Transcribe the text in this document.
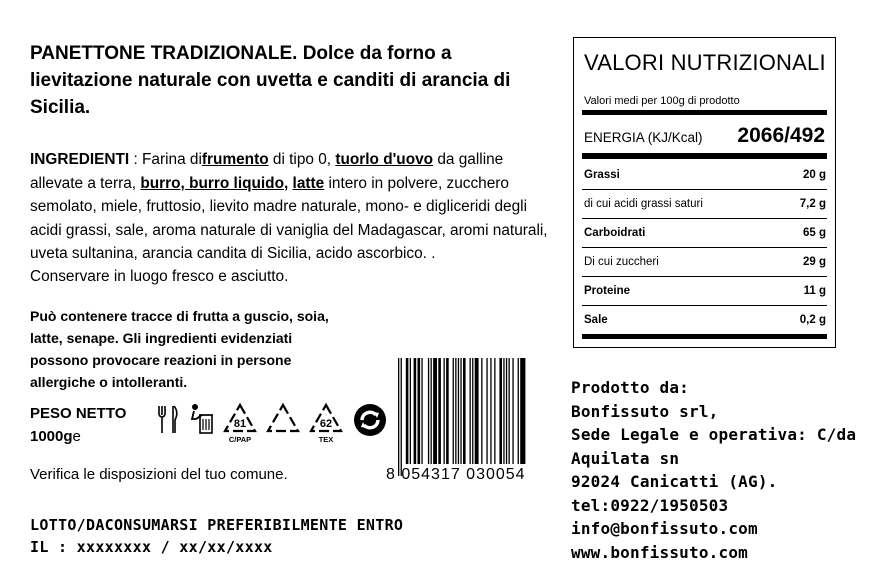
PANETTONE TRADIZIONALE. Dolce da forno a lievitazione naturale con uvetta e canditi di arancia di Sicilia.
INGREDIENTI : Farina difrumento di tipo 0, tuorlo d'uovo da galline allevate a terra, burro, burro liquido, latte intero in polvere, zucchero semolato, miele, fruttosio, lievito madre naturale, mono- e digliceridi degli acidi grassi, sale, aroma naturale di vaniglia del Madagascar, aromi naturali, uveta sultanina, arancia candita di Sicilia, acido ascorbico. .
Conservare in luogo fresco e asciutto.
Può contenere tracce di frutta a guscio, soia, latte, senape. Gli ingredienti evidenziati possono provocare reazioni in persone allergiche o intolleranti.
PESO NETTO
1000ge
81
C/PAP
62
TEX
Verifica le disposizioni del tuo comune.
LOTTO/DACONSUMARSI PREFERIBILMENTE ENTRO
IL : xxxxxxxx / xx/xx/xxxx
8 054317 030054
Prodotto da:
Bonfissuto srl,
Sede Legale e operativa: C/da
Aquilata sn
92024 Canicatti (AG).
tel:0922/1950503
info@bonfissuto.com
www.bonfissuto.com
VALORI NUTRIZIONALI
Valori medi per 100g di prodotto
ENERGIA (KJ/Kcal) 2066/492
Grassi	20 g
di cui acidi grassi saturi	7,2 g
Carboidrati	65 g
Di cui zuccheri	29 g
Proteine	11 g
Sale	0,2 g
